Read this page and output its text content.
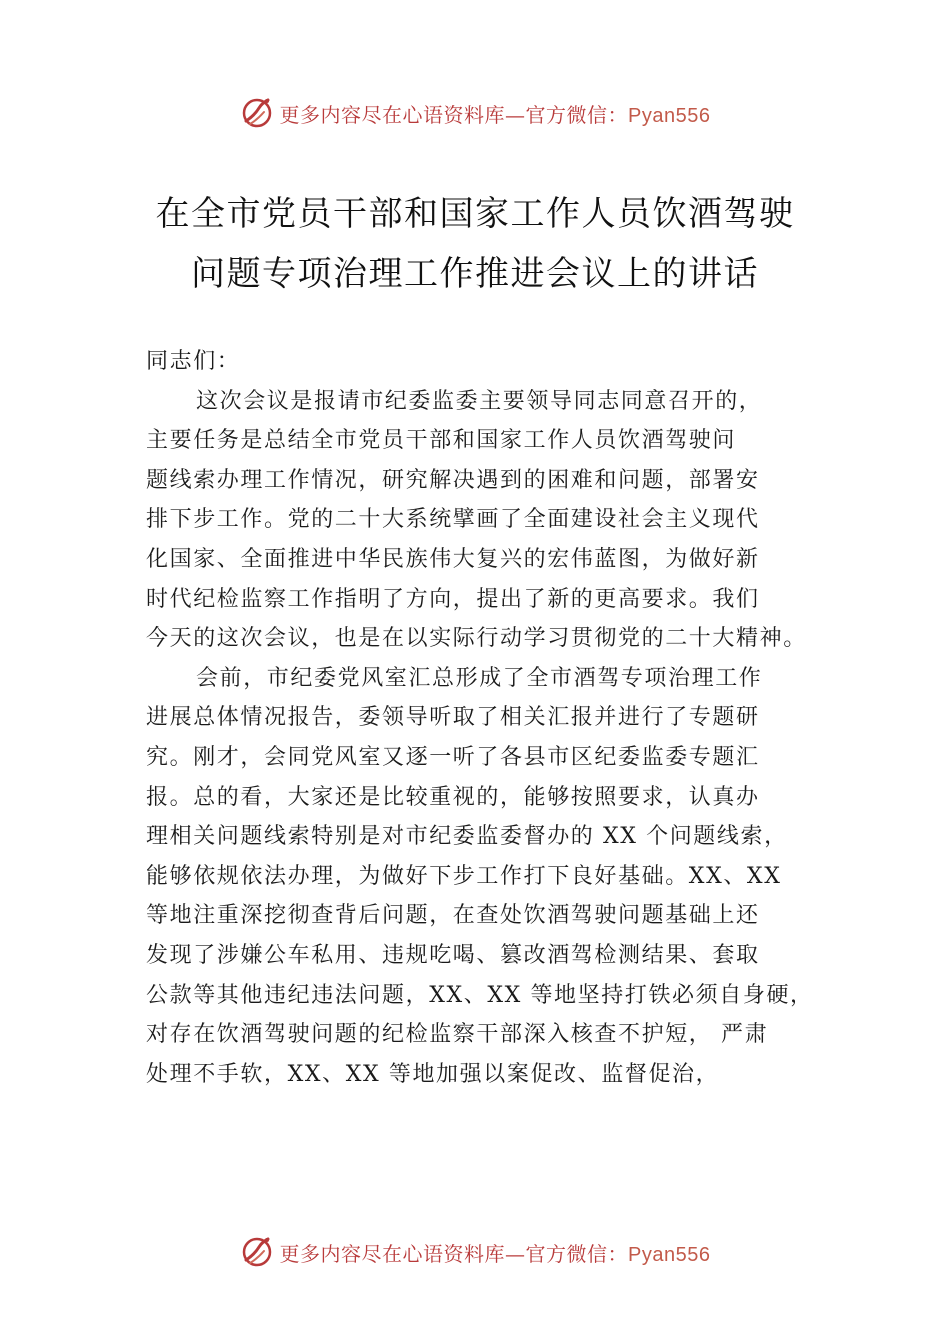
更多内容尽在心语资料库—官方微信：Pyan556
在全市党员干部和国家工作人员饮酒驾驶
问题专项治理工作推进会议上的讲话
同志们：
这次会议是报请市纪委监委主要领导同志同意召开的，
主要任务是总结全市党员干部和国家工作人员饮酒驾驶问
题线索办理工作情况，研究解决遇到的困难和问题，部署安
排下步工作。党的二十大系统擘画了全面建设社会主义现代
化国家、全面推进中华民族伟大复兴的宏伟蓝图，为做好新
时代纪检监察工作指明了方向，提出了新的更高要求。我们
今天的这次会议，也是在以实际行动学习贯彻党的二十大精神。
会前，市纪委党风室汇总形成了全市酒驾专项治理工作
进展总体情况报告，委领导听取了相关汇报并进行了专题研
究。刚才，会同党风室又逐一听了各县市区纪委监委专题汇
报。总的看，大家还是比较重视的，能够按照要求，认真办
理相关问题线索特别是对市纪委监委督办的 XX 个问题线索，
能够依规依法办理，为做好下步工作打下良好基础。XX、XX
等地注重深挖彻查背后问题，在查处饮酒驾驶问题基础上还
发现了涉嫌公车私用、违规吃喝、篡改酒驾检测结果、套取
公款等其他违纪违法问题，XX、XX 等地坚持打铁必须自身硬，
对存在饮酒驾驶问题的纪检监察干部深入核查不护短， 严肃
处理不手软，XX、XX 等地加强以案促改、监督促治，
更多内容尽在心语资料库—官方微信：Pyan556
